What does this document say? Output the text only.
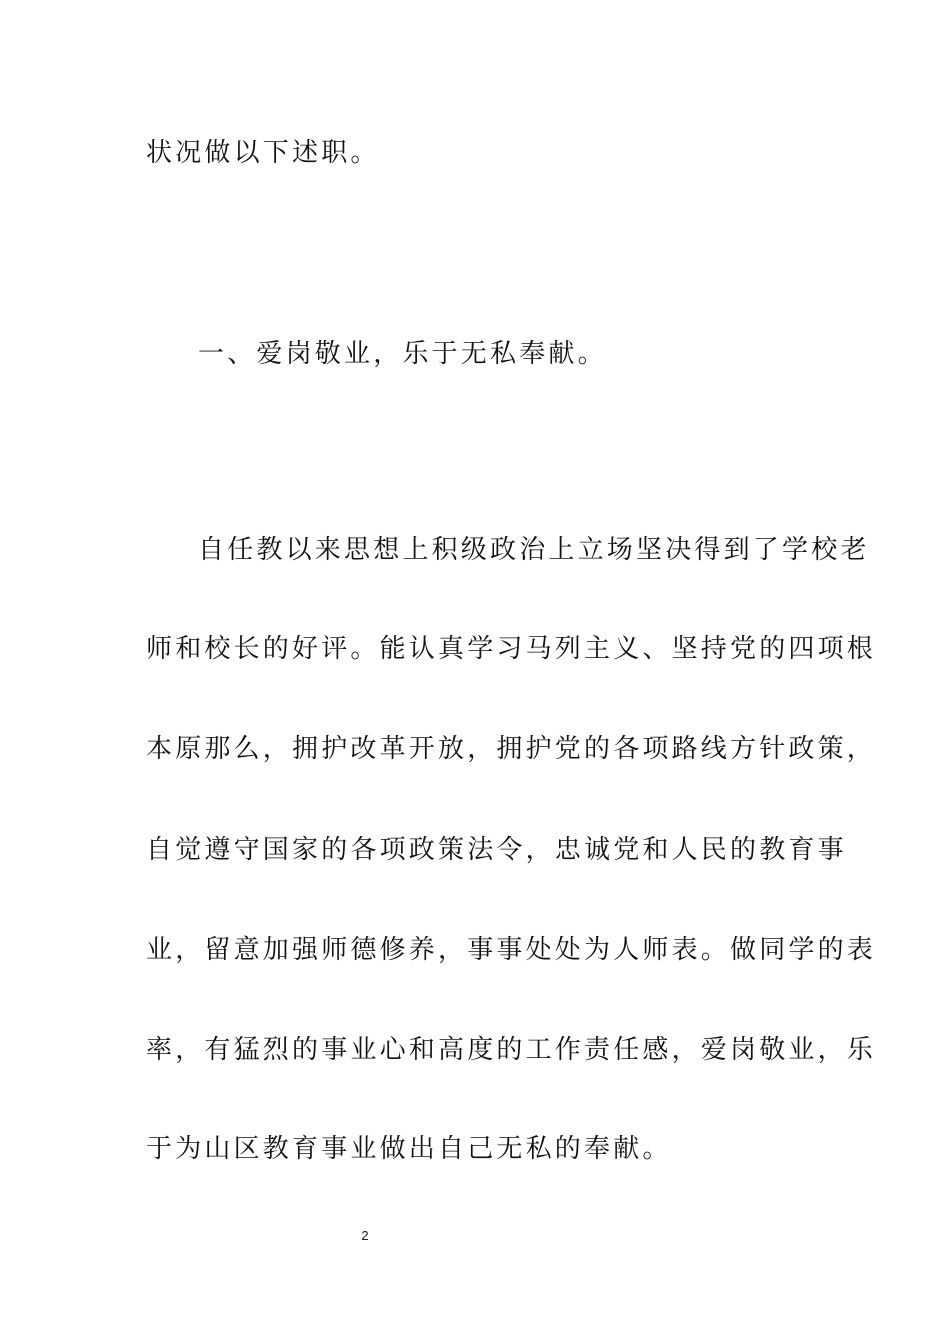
状况做以下述职。
一、爱岗敬业，乐于无私奉献。
自任教以来思想上积级政治上立场坚决得到了学校老
师和校长的好评。能认真学习马列主义、坚持党的四项根
本原那么，拥护改革开放，拥护党的各项路线方针政策，
自觉遵守国家的各项政策法令，忠诚党和人民的教育事
业，留意加强师德修养，事事处处为人师表。做同学的表
率，有猛烈的事业心和高度的工作责任感，爱岗敬业，乐
于为山区教育事业做出自己无私的奉献。
2
